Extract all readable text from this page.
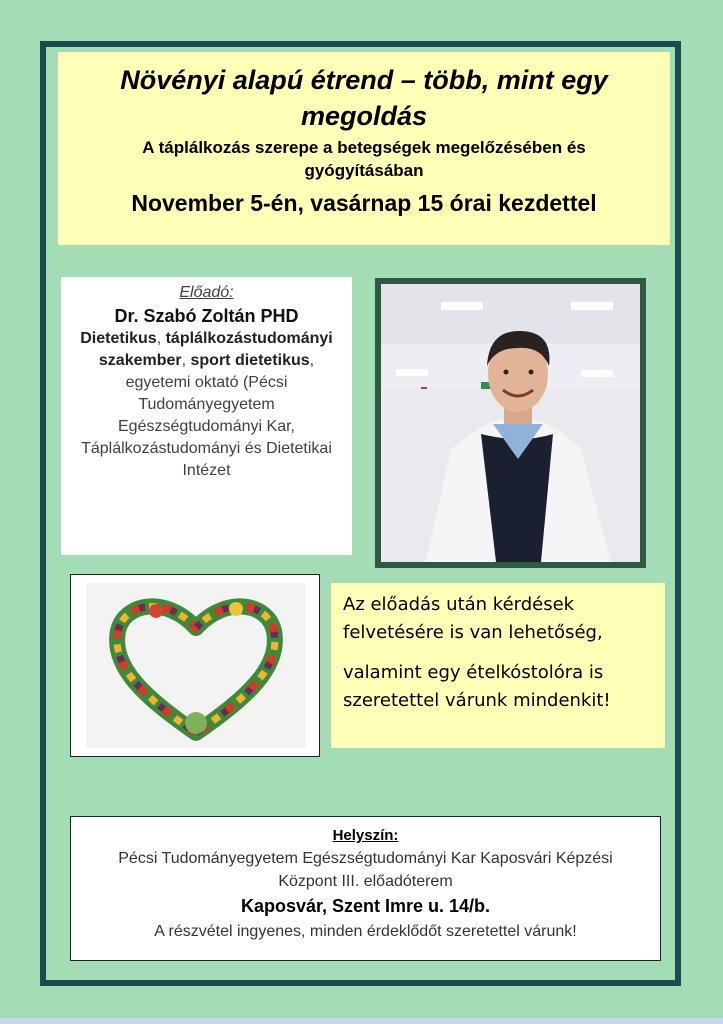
Növényi alapú étrend – több, mint egy megoldás
A táplálkozás szerepe a betegségek megelőzésében és gyógyításában
November 5-én, vasárnap 15 órai kezdettel
Előadó:
Dr. Szabó Zoltán PHD
Dietetikus, táplálkozástudományi szakember, sport dietetikus, egyetemi oktató (Pécsi Tudományegyetem Egészségtudományi Kar, Táplálkozástudományi és Dietetikai Intézet

Az előadás után kérdések felvetésére is van lehetőség,

valamint egy ételkóstolóra is szeretettel várunk mindenkit!

Helyszín:
Pécsi Tudományegyetem Egészségtudományi Kar Kaposvári Képzési Központ III. előadóterem
Kaposvár, Szent Imre u. 14/b.
A részvétel ingyenes, minden érdeklődőt szeretettel várunk!
